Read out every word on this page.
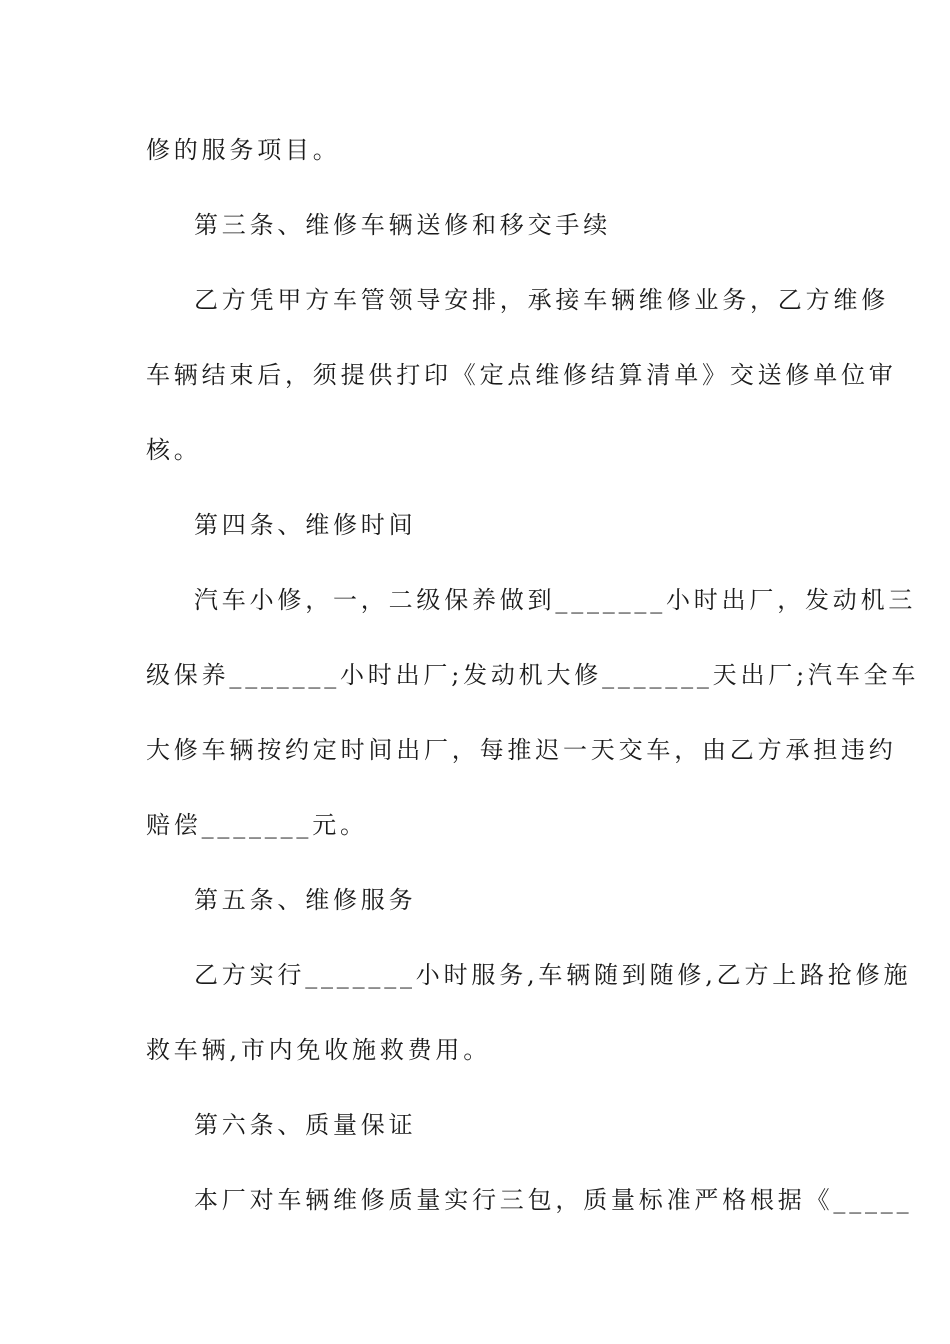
修的服务项目。
第三条、维修车辆送修和移交手续
乙方凭甲方车管领导安排，承接车辆维修业务，乙方维修
车辆结束后，须提供打印《定点维修结算清单》交送修单位审
核。
第四条、维修时间
汽车小修，一，二级保养做到_______小时出厂，发动机三
级保养_______小时出厂;发动机大修_______天出厂;汽车全车
大修车辆按约定时间出厂，每推迟一天交车，由乙方承担违约
赔偿_______元。
第五条、维修服务
乙方实行_______小时服务,车辆随到随修,乙方上路抢修施
救车辆,市内免收施救费用。
第六条、质量保证
本厂对车辆维修质量实行三包，质量标准严格根据《_____
